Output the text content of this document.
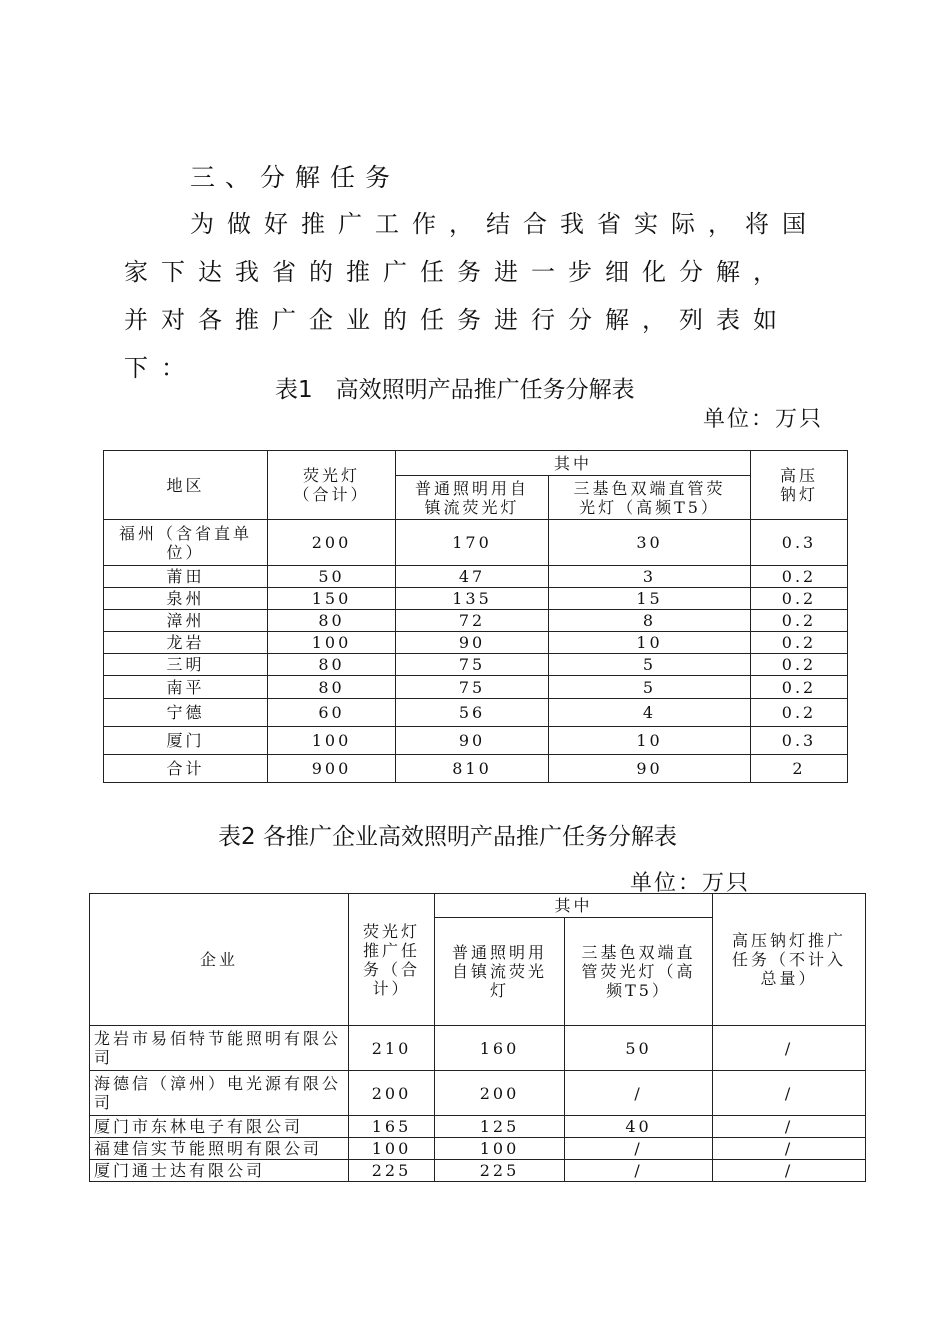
三、分解任务
为做好推广工作，结合我省实际，将国家下达我省的推广任务进一步细化分解，并对各推广企业的任务进行分解，列表如下：
表1　高效照明产品推广任务分解表
单位：万只
地区	荧光灯（合计）	其中		高压钠灯
		普通照明用自镇流荧光灯	三基色双端直管荧光灯（高频T5）	
福州（含省直单位）	200	170	30	0.3
莆田	50	47	3	0.2
泉州	150	135	15	0.2
漳州	80	72	8	0.2
龙岩	100	90	10	0.2
三明	80	75	5	0.2
南平	80	75	5	0.2
宁德	60	56	4	0.2
厦门	100	90	10	0.3
合计	900	810	90	2
表2 各推广企业高效照明产品推广任务分解表
单位：万只
企业	荧光灯推广任务（合计）	其中		高压钠灯推广任务（不计入总量）
		普通照明用自镇流荧光灯	三基色双端直管荧光灯（高频T5）	
龙岩市易佰特节能照明有限公司	210	160	50	/
海德信（漳州）电光源有限公司	200	200	/	/
厦门市东林电子有限公司	165	125	40	/
福建信实节能照明有限公司	100	100	/	/
厦门通士达有限公司	225	225	/	/
